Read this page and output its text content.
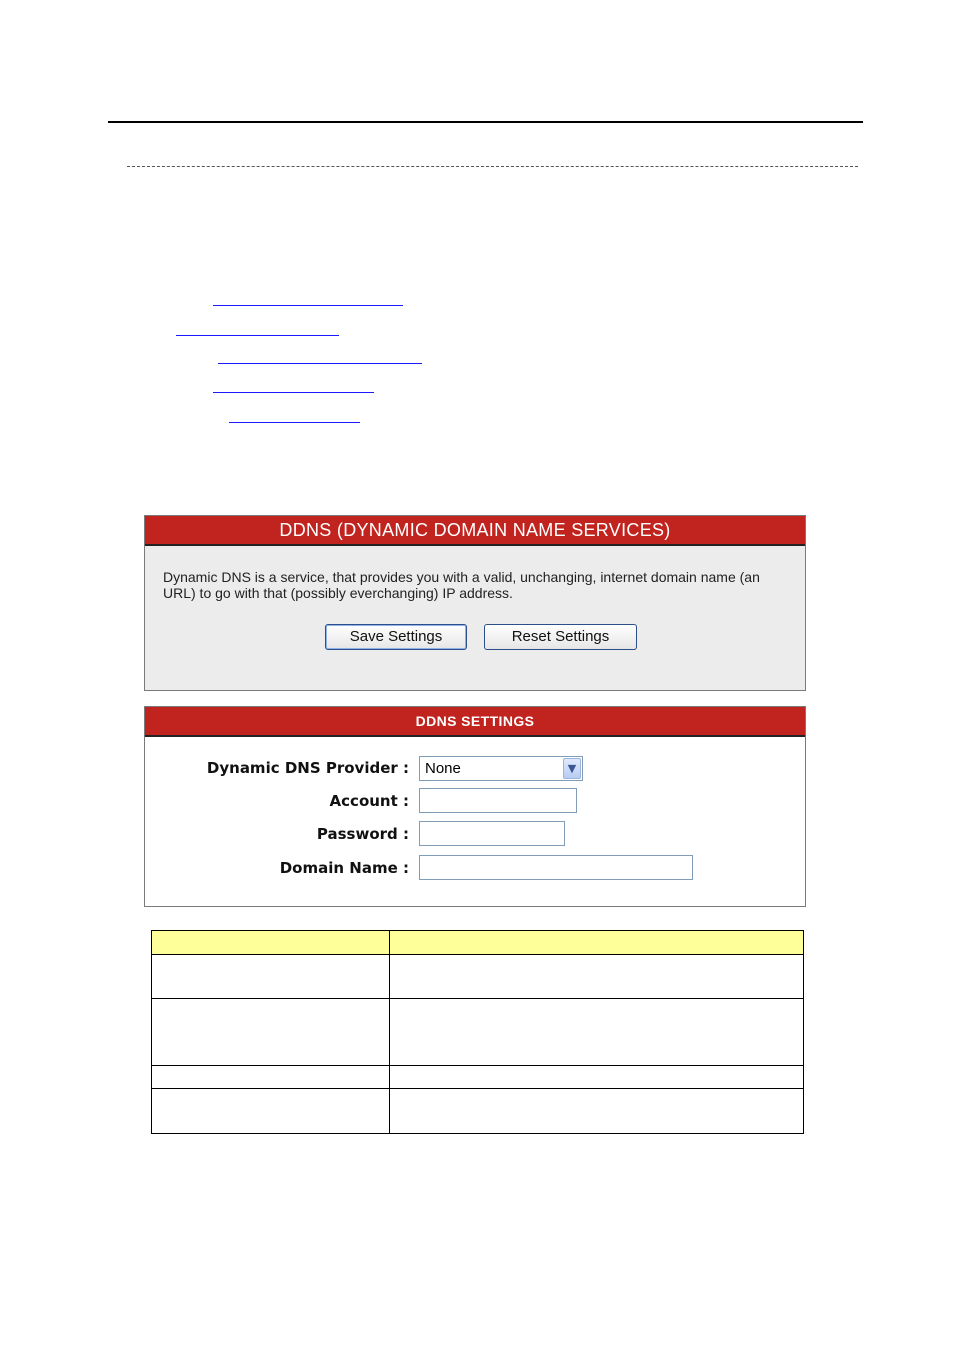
DDNS (DYNAMIC DOMAIN NAME SERVICES)
Dynamic DNS is a service, that provides you with a valid, unchanging, internet domain name (an URL) to go with that (possibly everchanging) IP address.
Save Settings	Reset Settings
DDNS SETTINGS
Dynamic DNS Provider : None	▼
Account :
Password :
Domain Name :
